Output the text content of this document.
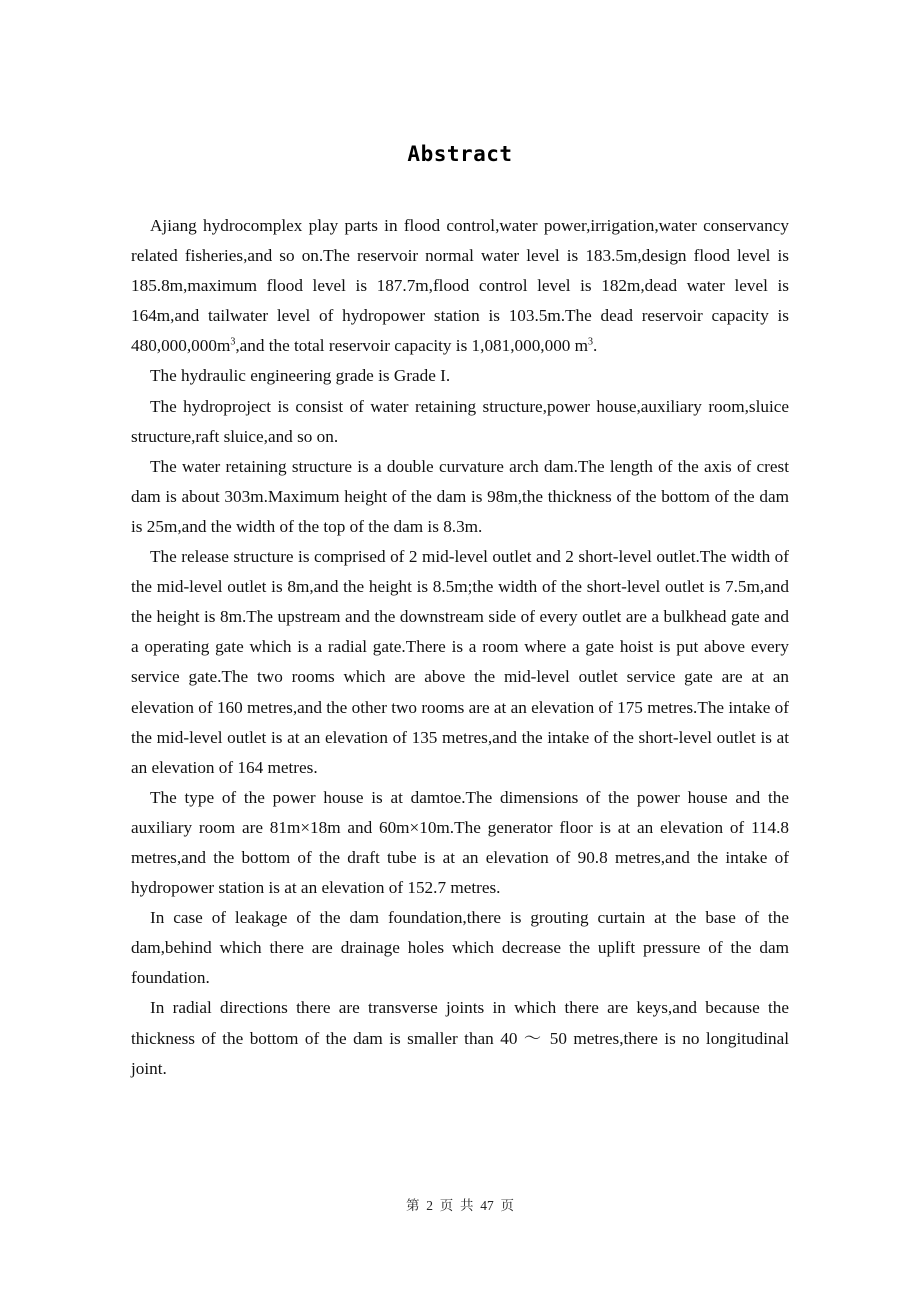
Abstract

Ajiang hydrocomplex play parts in flood control,water power,irrigation,water conservancy related fisheries,and so on.The reservoir normal water level is 183.5m,design flood level is 185.8m,maximum flood level is 187.7m,flood control level is 182m,dead water level is 164m,and tailwater level of hydropower station is 103.5m.The dead reservoir capacity is $480,000,000m^3,and$ the total reservoir capacity is 1,081,000,000 $m^3$.

The hydraulic engineering grade is Grade I.

The hydroproject is consist of water retaining structure,power house,auxiliary room,sluice structure,raft sluice,and so on.

The water retaining structure is a double curvature arch dam.The length of the axis of crest dam is about 303m.Maximum height of the dam is 98m,the thickness of the bottom of the dam is 25m,and the width of the top of the dam is 8.3m.

The release structure is comprised of 2 mid-level outlet and 2 short-level outlet.The width of the mid-level outlet is 8m,and the height is 8.5m;the width of the short-level outlet is 7.5m,and the height is 8m.The upstream and the downstream side of every outlet are a bulkhead gate and a operating gate which is a radial gate.There is a room where a gate hoist is put above every service gate.The two rooms which are above the mid-level outlet service gate are at an elevation of 160 metres,and the other two rooms are at an elevation of 175 metres.The intake of the mid-level outlet is at an elevation of 135 metres,and the intake of the short-level outlet is at an elevation of 164 metres.

The type of the power house is at damtoe.The dimensions of the power house and the auxiliary room are 81m×18m and 60m×10m.The generator floor is at an elevation of 114.8 metres,and the bottom of the draft tube is at an elevation of 90.8 metres,and the intake of hydropower station is at an elevation of 152.7 metres.

In case of leakage of the dam foundation,there is grouting curtain at the base of the dam,behind which there are drainage holes which decrease the uplift pressure of the dam foundation.

In radial directions there are transverse joints in which there are keys,and because the thickness of the bottom of the dam is smaller than 40 ～ 50 metres,there is no longitudinal joint.

第  2  页  共  47  页
